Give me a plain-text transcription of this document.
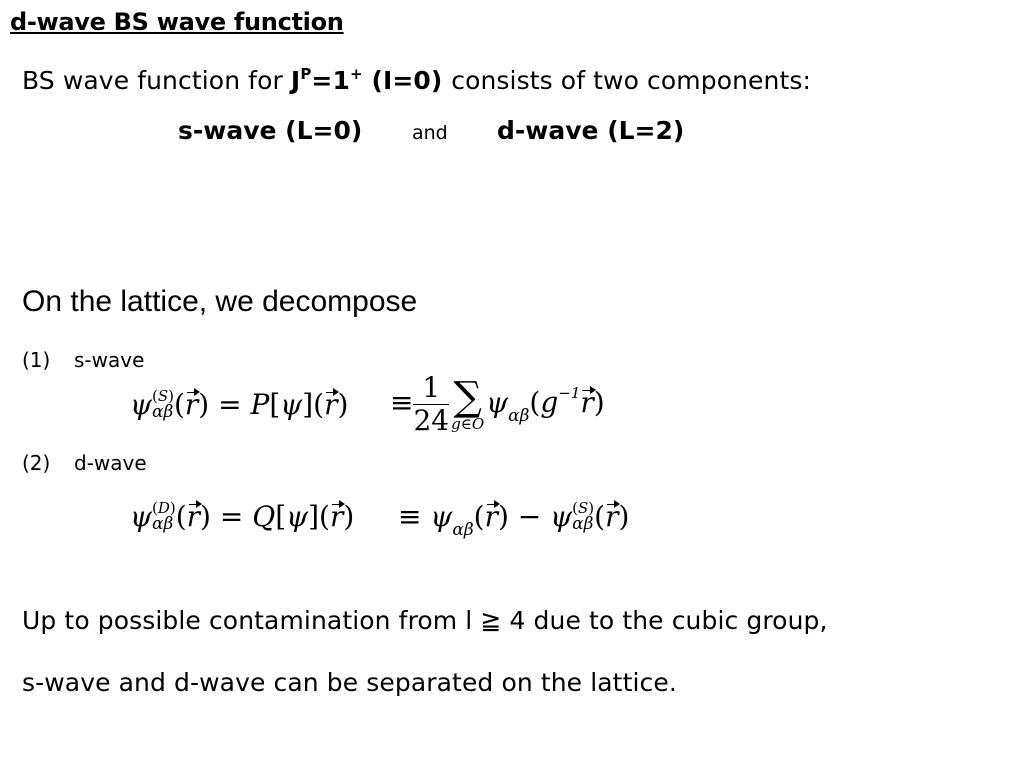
d-wave BS wave function
BS wave function for $J^P=1^+$ (I=0) consists of two components:
s-wave (L=0)	and d-wave (L=2)
On the lattice, we decompose
(1) s-wave
ψ (S)
αβ $(r) = P[\psi](r) \equiv \frac{1}{24}$ ∑
g∈O
$\psi_{\alpha\beta}(g^{-1}r)$
(2) d-wave
ψ (D)
αβ $(r) = Q[\psi](r) \equiv \psi_{\alpha\beta}(r) - \psi$ (S)
αβ (r)
Up to possible contamination from l ≧ 4 due to the cubic group,
s-wave and d-wave can be separated on the lattice.
